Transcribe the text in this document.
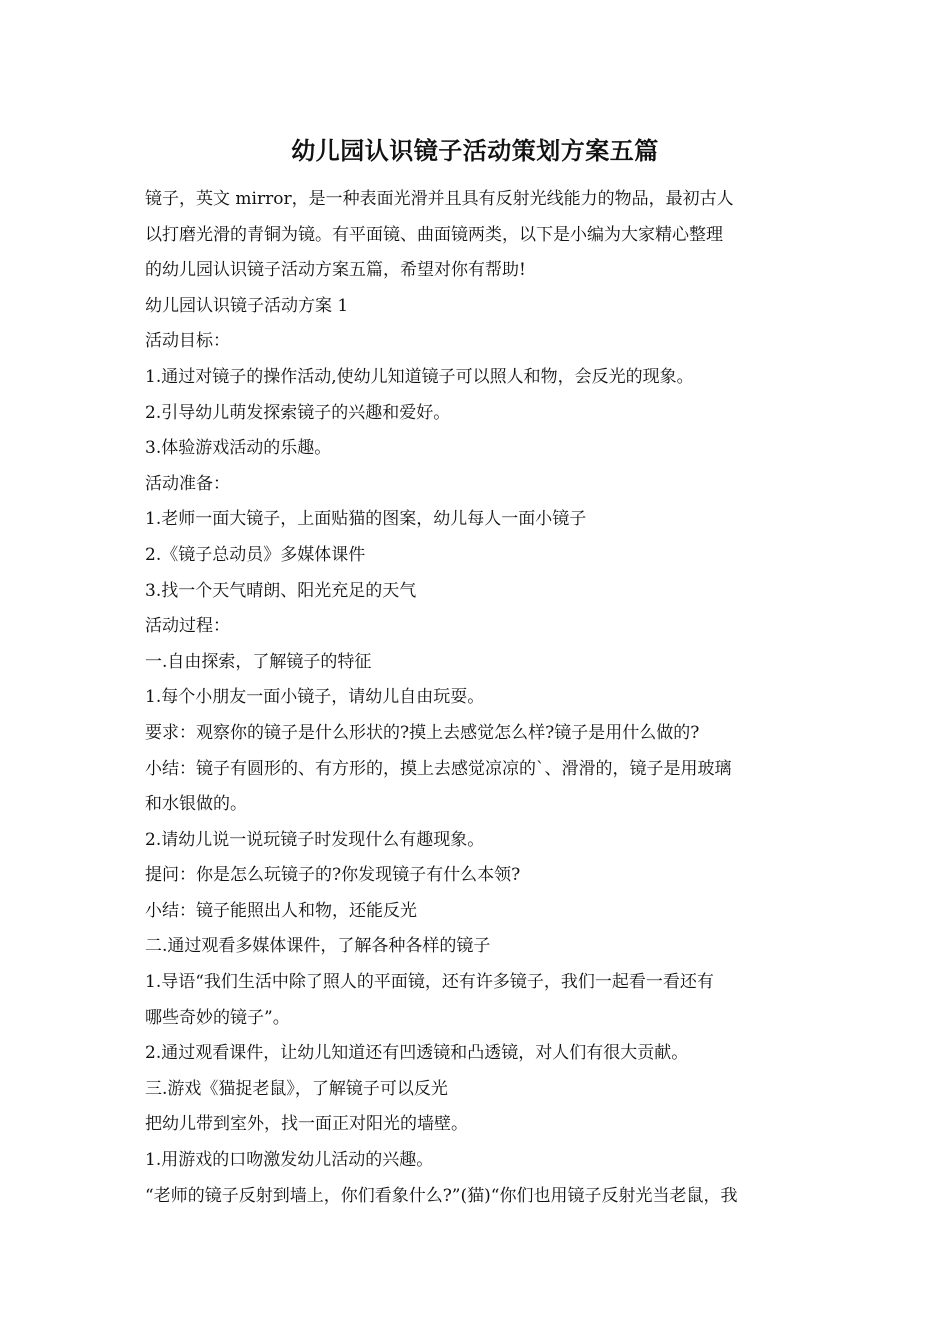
幼儿园认识镜子活动策划方案五篇
镜子，英文 mirror，是一种表面光滑并且具有反射光线能力的物品，最初古人
以打磨光滑的青铜为镜。有平面镜、曲面镜两类，以下是小编为大家精心整理
的幼儿园认识镜子活动方案五篇，希望对你有帮助!
幼儿园认识镜子活动方案 1
活动目标：
1.通过对镜子的操作活动,使幼儿知道镜子可以照人和物，会反光的现象。
2.引导幼儿萌发探索镜子的兴趣和爱好。
3.体验游戏活动的乐趣。
活动准备：
1.老师一面大镜子，上面贴猫的图案，幼儿每人一面小镜子
2.《镜子总动员》多媒体课件
3.找一个天气晴朗、阳光充足的天气
活动过程：
一.自由探索，了解镜子的特征
1.每个小朋友一面小镜子，请幼儿自由玩耍。
要求：观察你的镜子是什么形状的?摸上去感觉怎么样?镜子是用什么做的?
小结：镜子有圆形的、有方形的，摸上去感觉凉凉的`、滑滑的，镜子是用玻璃
和水银做的。
2.请幼儿说一说玩镜子时发现什么有趣现象。
提问：你是怎么玩镜子的?你发现镜子有什么本领?
小结：镜子能照出人和物，还能反光
二.通过观看多媒体课件，了解各种各样的镜子
1.导语“我们生活中除了照人的平面镜，还有许多镜子，我们一起看一看还有
哪些奇妙的镜子”。
2.通过观看课件，让幼儿知道还有凹透镜和凸透镜，对人们有很大贡献。
三.游戏《猫捉老鼠》，了解镜子可以反光
把幼儿带到室外，找一面正对阳光的墙壁。
1.用游戏的口吻激发幼儿活动的兴趣。
“老师的镜子反射到墙上，你们看象什么?”(猫)“你们也用镜子反射光当老鼠，我
